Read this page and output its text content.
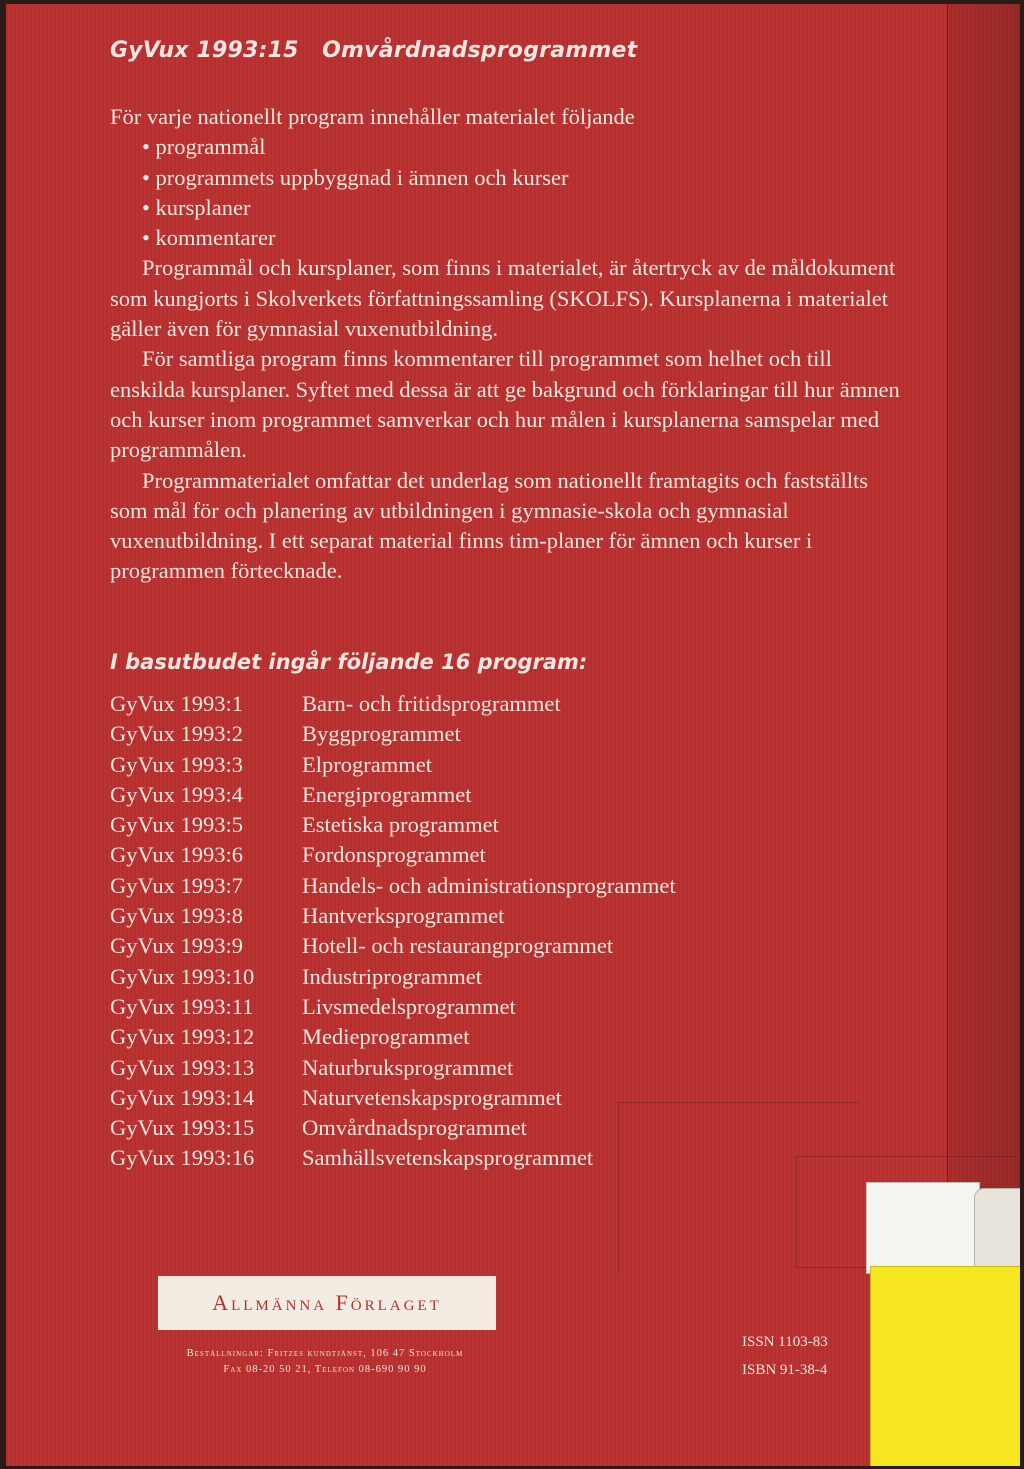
GyVux 1993:15   Omvårdnadsprogrammet

För varje nationellt program innehåller materialet följande

• programmål
• programmets uppbyggnad i ämnen och kurser
• kursplaner
• kommentarer

Programmål och kursplaner, som finns i materialet, är återtryck av de måldokument som kungjorts i Skolverkets författningssamling (SKOLFS). Kursplanerna i materialet gäller även för gymnasial vuxenutbildning.

För samtliga program finns kommentarer till programmet som helhet och till enskilda kursplaner. Syftet med dessa är att ge bakgrund och förklaringar till hur ämnen och kurser inom programmet samverkar och hur målen i kursplanerna samspelar med programmålen.

Programmaterialet omfattar det underlag som nationellt framtagits och fastställts som mål för och planering av utbildningen i gymnasie-skola och gymnasial vuxenutbildning. I ett separat material finns tim-planer för ämnen och kurser i programmen förtecknade.

I basutbudet ingår följande 16 program:
GyVux 1993:1	Barn- och fritidsprogrammet
GyVux 1993:2	Byggprogrammet
GyVux 1993:3	Elprogrammet
GyVux 1993:4	Energiprogrammet
GyVux 1993:5	Estetiska programmet
GyVux 1993:6	Fordonsprogrammet
GyVux 1993:7	Handels- och administrationsprogrammet
GyVux 1993:8	Hantverksprogrammet
GyVux 1993:9	Hotell- och restaurangprogrammet
GyVux 1993:10	Industriprogrammet
GyVux 1993:11	Livsmedelsprogrammet
GyVux 1993:12	Medieprogrammet
GyVux 1993:13	Naturbruksprogrammet
GyVux 1993:14	Naturvetenskapsprogrammet
GyVux 1993:15	Omvårdnadsprogrammet
GyVux 1993:16	Samhällsvetenskapsprogrammet
Allmänna Förlaget
Beställningar: Fritzes kundtjänst, 106 47 Stockholm
Fax 08-20 50 21, Telefon 08-690 90 90
ISSN 1103-83
ISBN 91-38-4
